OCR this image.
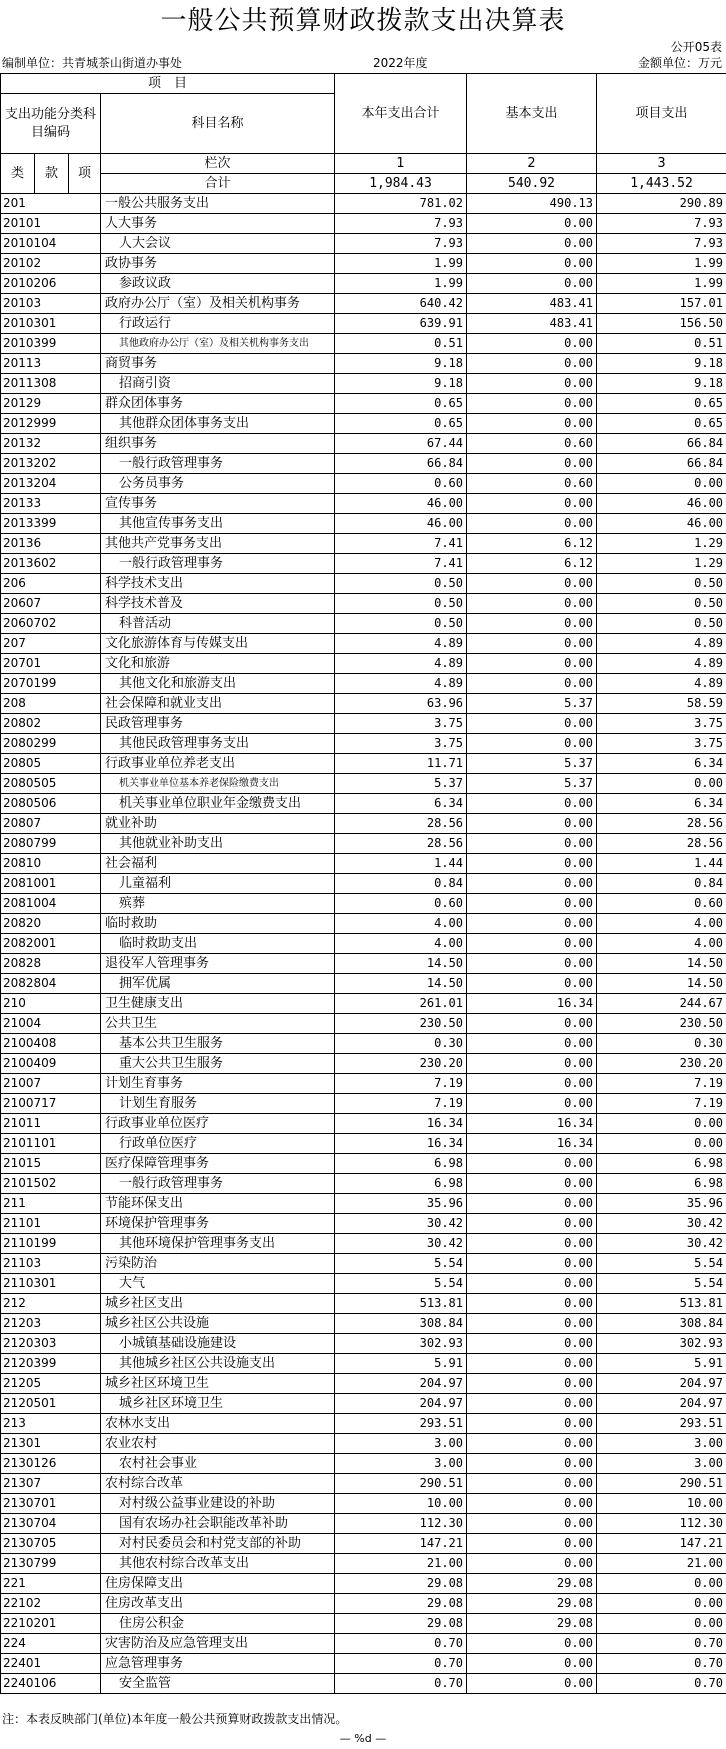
一般公共预算财政拨款支出决算表
公开05表
编制单位：共青城茶山街道办事处	2022年度	金额单位：万元
项　目				本年支出合计	基本支出	项目支出
支出功能分类科目编码			科目名称			

类	款	项	栏次	1	2	3
			合计	1,984.43	540.92	1,443.52
201			一般公共服务支出	781.02	490.13	290.89
20101			人大事务	7.93	0.00	7.93
2010104			人大会议	7.93	0.00	7.93
20102			政协事务	1.99	0.00	1.99
2010206			参政议政	1.99	0.00	1.99
20103			政府办公厅（室）及相关机构事务	640.42	483.41	157.01
2010301			行政运行	639.91	483.41	156.50
2010399			其他政府办公厅（室）及相关机构事务支出	0.51	0.00	0.51
20113			商贸事务	9.18	0.00	9.18
2011308			招商引资	9.18	0.00	9.18
20129			群众团体事务	0.65	0.00	0.65
2012999			其他群众团体事务支出	0.65	0.00	0.65
20132			组织事务	67.44	0.60	66.84
2013202			一般行政管理事务	66.84	0.00	66.84
2013204			公务员事务	0.60	0.60	0.00
20133			宣传事务	46.00	0.00	46.00
2013399			其他宣传事务支出	46.00	0.00	46.00
20136			其他共产党事务支出	7.41	6.12	1.29
2013602			一般行政管理事务	7.41	6.12	1.29
206			科学技术支出	0.50	0.00	0.50
20607			科学技术普及	0.50	0.00	0.50
2060702			科普活动	0.50	0.00	0.50
207			文化旅游体育与传媒支出	4.89	0.00	4.89
20701			文化和旅游	4.89	0.00	4.89
2070199			其他文化和旅游支出	4.89	0.00	4.89
208			社会保障和就业支出	63.96	5.37	58.59
20802			民政管理事务	3.75	0.00	3.75
2080299			其他民政管理事务支出	3.75	0.00	3.75
20805			行政事业单位养老支出	11.71	5.37	6.34
2080505			机关事业单位基本养老保险缴费支出	5.37	5.37	0.00
2080506			机关事业单位职业年金缴费支出	6.34	0.00	6.34
20807			就业补助	28.56	0.00	28.56
2080799			其他就业补助支出	28.56	0.00	28.56
20810			社会福利	1.44	0.00	1.44
2081001			儿童福利	0.84	0.00	0.84
2081004			殡葬	0.60	0.00	0.60
20820			临时救助	4.00	0.00	4.00
2082001			临时救助支出	4.00	0.00	4.00
20828			退役军人管理事务	14.50	0.00	14.50
2082804			拥军优属	14.50	0.00	14.50
210			卫生健康支出	261.01	16.34	244.67
21004			公共卫生	230.50	0.00	230.50
2100408			基本公共卫生服务	0.30	0.00	0.30
2100409			重大公共卫生服务	230.20	0.00	230.20
21007			计划生育事务	7.19	0.00	7.19
2100717			计划生育服务	7.19	0.00	7.19
21011			行政事业单位医疗	16.34	16.34	0.00
2101101			行政单位医疗	16.34	16.34	0.00
21015			医疗保障管理事务	6.98	0.00	6.98
2101502			一般行政管理事务	6.98	0.00	6.98
211			节能环保支出	35.96	0.00	35.96
21101			环境保护管理事务	30.42	0.00	30.42
2110199			其他环境保护管理事务支出	30.42	0.00	30.42
21103			污染防治	5.54	0.00	5.54
2110301			大气	5.54	0.00	5.54
212			城乡社区支出	513.81	0.00	513.81
21203			城乡社区公共设施	308.84	0.00	308.84
2120303			小城镇基础设施建设	302.93	0.00	302.93
2120399			其他城乡社区公共设施支出	5.91	0.00	5.91
21205			城乡社区环境卫生	204.97	0.00	204.97
2120501			城乡社区环境卫生	204.97	0.00	204.97
213			农林水支出	293.51	0.00	293.51
21301			农业农村	3.00	0.00	3.00
2130126			农村社会事业	3.00	0.00	3.00
21307			农村综合改革	290.51	0.00	290.51
2130701			对村级公益事业建设的补助	10.00	0.00	10.00
2130704			国有农场办社会职能改革补助	112.30	0.00	112.30
2130705			对村民委员会和村党支部的补助	147.21	0.00	147.21
2130799			其他农村综合改革支出	21.00	0.00	21.00
221			住房保障支出	29.08	29.08	0.00
22102			住房改革支出	29.08	29.08	0.00
2210201			住房公积金	29.08	29.08	0.00
224			灾害防治及应急管理支出	0.70	0.00	0.70
22401			应急管理事务	0.70	0.00	0.70
2240106			安全监管	0.70	0.00	0.70
注：本表反映部门(单位)本年度一般公共预算财政拨款支出情况。
— %d —
